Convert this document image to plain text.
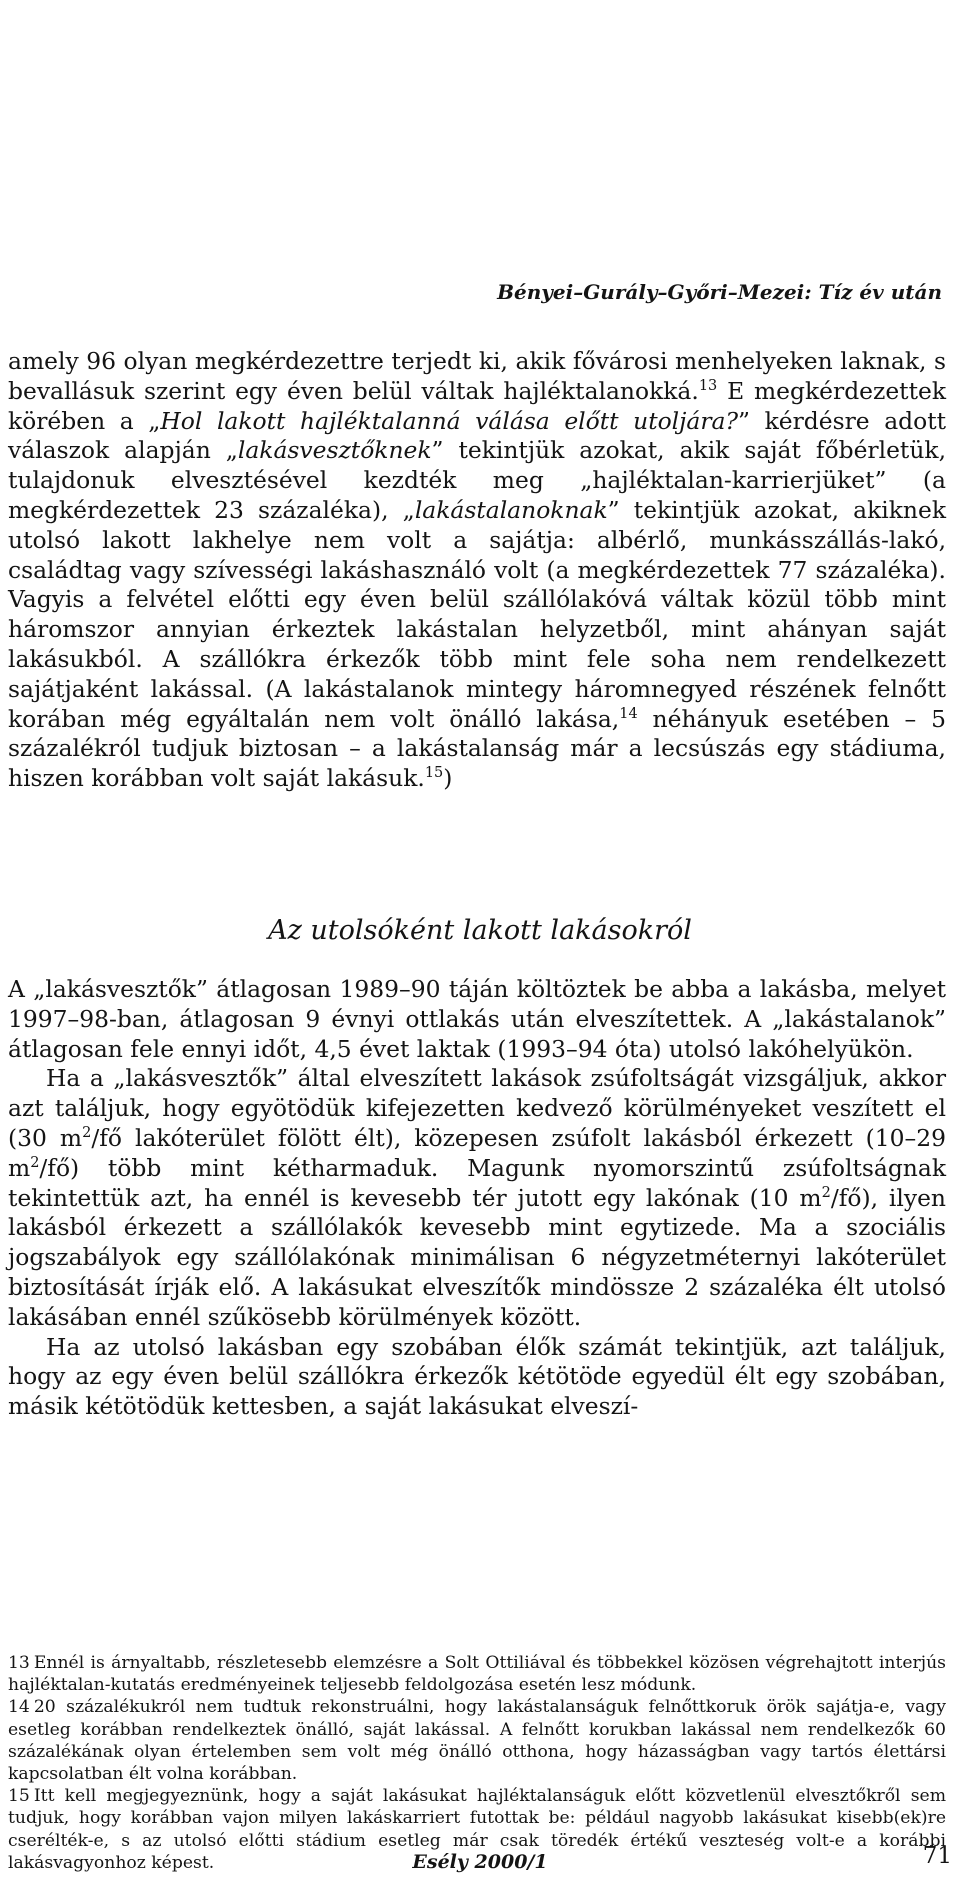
Bényei–Gurály–Győri–Mezei: Tíz év után

amely 96 olyan megkérdezettre terjedt ki, akik fővárosi menhelyeken laknak, s bevallásuk szerint egy éven belül váltak hajléktalanokká.$^{13}$ E megkérdezettek körében a „Hol lakott hajléktalanná válása előtt utoljára?” kérdésre adott válaszok alapján „lakásvesztőknek” tekintjük azokat, akik saját főbérletük, tulajdonuk elvesztésével kezdték meg „hajléktalan-karrierjüket” (a megkérdezettek 23 százaléka), „lakástalanoknak” tekintjük azokat, akiknek utolsó lakott lakhelye nem volt a sajátja: albérlő, munkásszállás-lakó, családtag vagy szívességi lakáshasználó volt (a megkérdezettek 77 százaléka). Vagyis a felvétel előtti egy éven belül szállólakóvá váltak közül több mint háromszor annyian érkeztek lakástalan helyzetből, mint ahányan saját lakásukból. A szállókra érkezők több mint fele soha nem rendelkezett sajátjaként lakással. (A lakástalanok mintegy háromnegyed részének felnőtt korában még egyáltalán nem volt önálló lakása,$^{14}$ néhányuk esetében – 5 százalékról tudjuk biztosan – a lakástalanság már a lecsúszás egy stádiuma, hiszen korábban volt saját lakásuk.$^{15}$)

Az utolsóként lakott lakásokról

A „lakásvesztők” átlagosan 1989–90 táján költöztek be abba a lakásba, melyet 1997–98-ban, átlagosan 9 évnyi ottlakás után elveszítettek. A „lakástalanok” átlagosan fele ennyi időt, 4,5 évet laktak (1993–94 óta) utolsó lakóhelyükön.

Ha a „lakásvesztők” által elveszített lakások zsúfoltságát vizsgáljuk, akkor azt találjuk, hogy egyötödük kifejezetten kedvező körülményeket veszített el (30 $m^2/fő$ lakóterület fölött élt), közepesen zsúfolt lakásból érkezett (10–29 $m^2/fő$) több mint kétharmaduk. Magunk nyomorszintű zsúfoltságnak tekintettük azt, ha ennél is kevesebb tér jutott egy lakónak (10 $m^2/fő$), ilyen lakásból érkezett a szállólakók kevesebb mint egytizede. Ma a szociális jogszabályok egy szállólakónak minimálisan 6 négyzetméternyi lakóterület biztosítását írják elő. A lakásukat elveszítők mindössze 2 százaléka élt utolsó lakásában ennél szűkösebb körülmények között.

Ha az utolsó lakásban egy szobában élők számát tekintjük, azt találjuk, hogy az egy éven belül szállókra érkezők kétötöde egyedül élt egy szobában, másik kétötödük kettesben, a saját lakásukat elveszí-

13 Ennél is árnyaltabb, részletesebb elemzésre a Solt Ottiliával és többekkel közösen végrehajtott interjús hajléktalan-kutatás eredményeinek teljesebb feldolgozása esetén lesz módunk.

14 20 százalékukról nem tudtuk rekonstruálni, hogy lakástalanságuk felnőttkoruk örök sajátja-e, vagy esetleg korábban rendelkeztek önálló, saját lakással. A felnőtt korukban lakással nem rendelkezők 60 százalékának olyan értelemben sem volt még önálló otthona, hogy házasságban vagy tartós élettársi kapcsolatban élt volna korábban.

15 Itt kell megjegyeznünk, hogy a saját lakásukat hajléktalanságuk előtt közvetlenül elvesztőkről sem tudjuk, hogy korábban vajon milyen lakáskarriert futottak be: például nagyobb lakásukat kisebb(ek)re cserélték-e, s az utolsó előtti stádium esetleg már csak töredék értékű veszteség volt-e a korábbi lakásvagyonhoz képest.	Esély 2000/1	71
